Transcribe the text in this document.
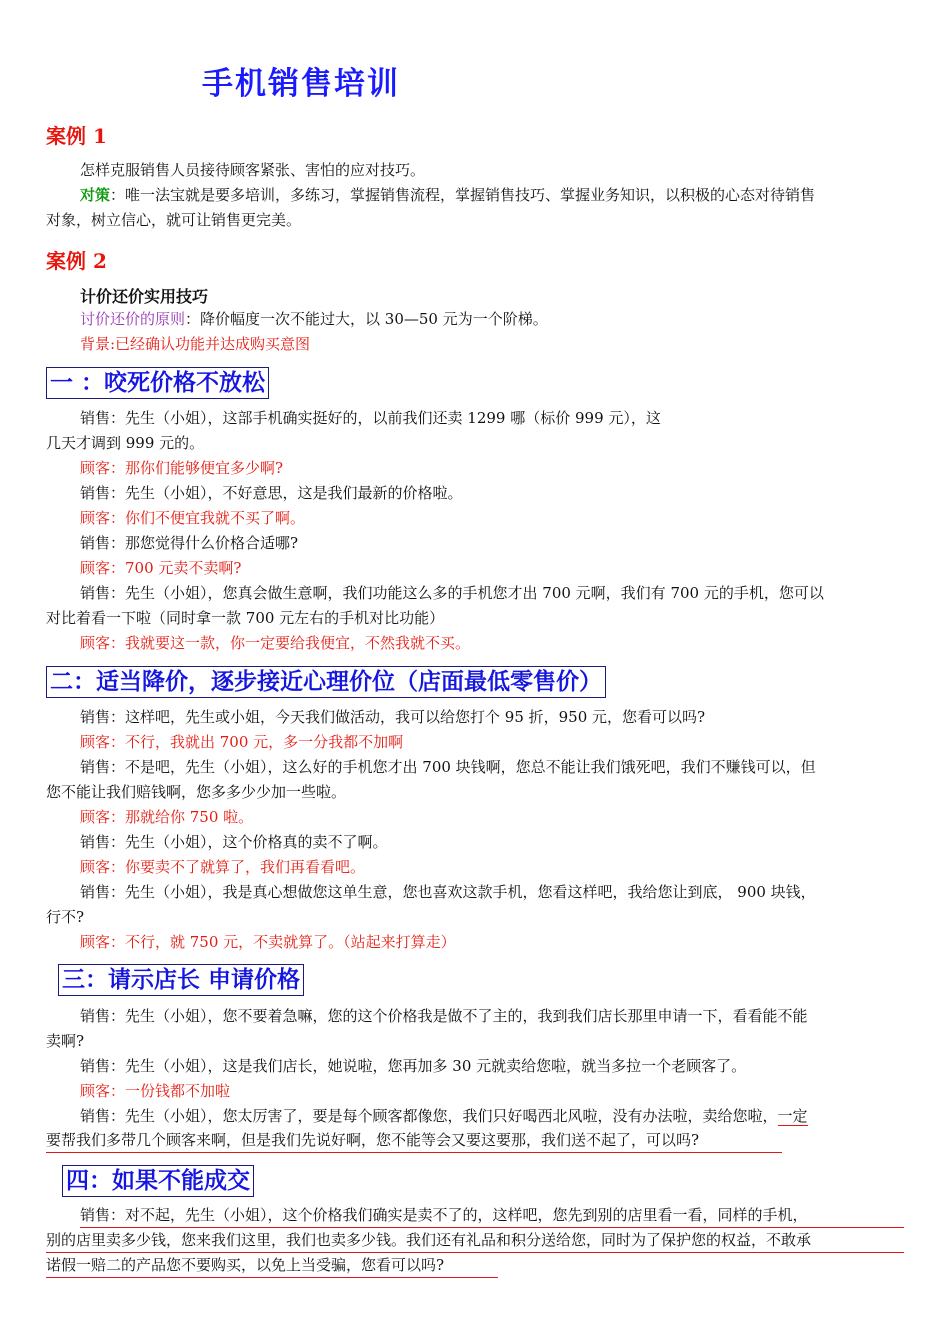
手机销售培训
案例 1
怎样克服销售人员接待顾客紧张、害怕的应对技巧。
对策：唯一法宝就是要多培训，多练习，掌握销售流程，掌握销售技巧、掌握业务知识，以积极的心态对待销售
对象，树立信心，就可让销售更完美。
案例 2
计价还价实用技巧
讨价还价的原则：降价幅度一次不能过大，以 30—50 元为一个阶梯。
背景:已经确认功能并达成购买意图
一 ：咬死价格不放松
销售：先生（小姐），这部手机确实挺好的，以前我们还卖 1299 哪（标价 999 元），这
几天才调到 999 元的。
顾客：那你们能够便宜多少啊?
销售：先生（小姐），不好意思，这是我们最新的价格啦。
顾客：你们不便宜我就不买了啊。
销售：那您觉得什么价格合适哪?
顾客：700 元卖不卖啊?
销售：先生（小姐），您真会做生意啊，我们功能这么多的手机您才出 700 元啊，我们有 700 元的手机，您可以
对比着看一下啦（同时拿一款 700 元左右的手机对比功能）
顾客：我就要这一款，你一定要给我便宜，不然我就不买。
二：适当降价，逐步接近心理价位（店面最低零售价）
销售：这样吧，先生或小姐，今天我们做活动，我可以给您打个 95 折，950 元，您看可以吗?
顾客：不行，我就出 700 元，多一分我都不加啊
销售：不是吧，先生（小姐），这么好的手机您才出 700 块钱啊，您总不能让我们饿死吧，我们不赚钱可以，但
您不能让我们赔钱啊，您多多少少加一些啦。
顾客：那就给你 750 啦。
销售：先生（小姐），这个价格真的卖不了啊。
顾客：你要卖不了就算了，我们再看看吧。
销售：先生（小姐），我是真心想做您这单生意，您也喜欢这款手机，您看这样吧，我给您让到底， 900 块钱，
行不?
顾客：不行，就 750 元，不卖就算了。（站起来打算走）
三：请示店长 申请价格
销售：先生（小姐），您不要着急嘛，您的这个价格我是做不了主的，我到我们店长那里申请一下，看看能不能
卖啊?
销售：先生（小姐），这是我们店长，她说啦，您再加多 30 元就卖给您啦，就当多拉一个老顾客了。
顾客：一份钱都不加啦
销售：先生（小姐），您太厉害了，要是每个顾客都像您，我们只好喝西北风啦，没有办法啦，卖给您啦，一定
要帮我们多带几个顾客来啊，但是我们先说好啊，您不能等会又要这要那，我们送不起了，可以吗?
四：如果不能成交
销售：对不起，先生（小姐），这个价格我们确实是卖不了的，这样吧，您先到别的店里看一看，同样的手机，
别的店里卖多少钱，您来我们这里，我们也卖多少钱。我们还有礼品和积分送给您，同时为了保护您的权益，不敢承
诺假一赔二的产品您不要购买，以免上当受骗，您看可以吗?
